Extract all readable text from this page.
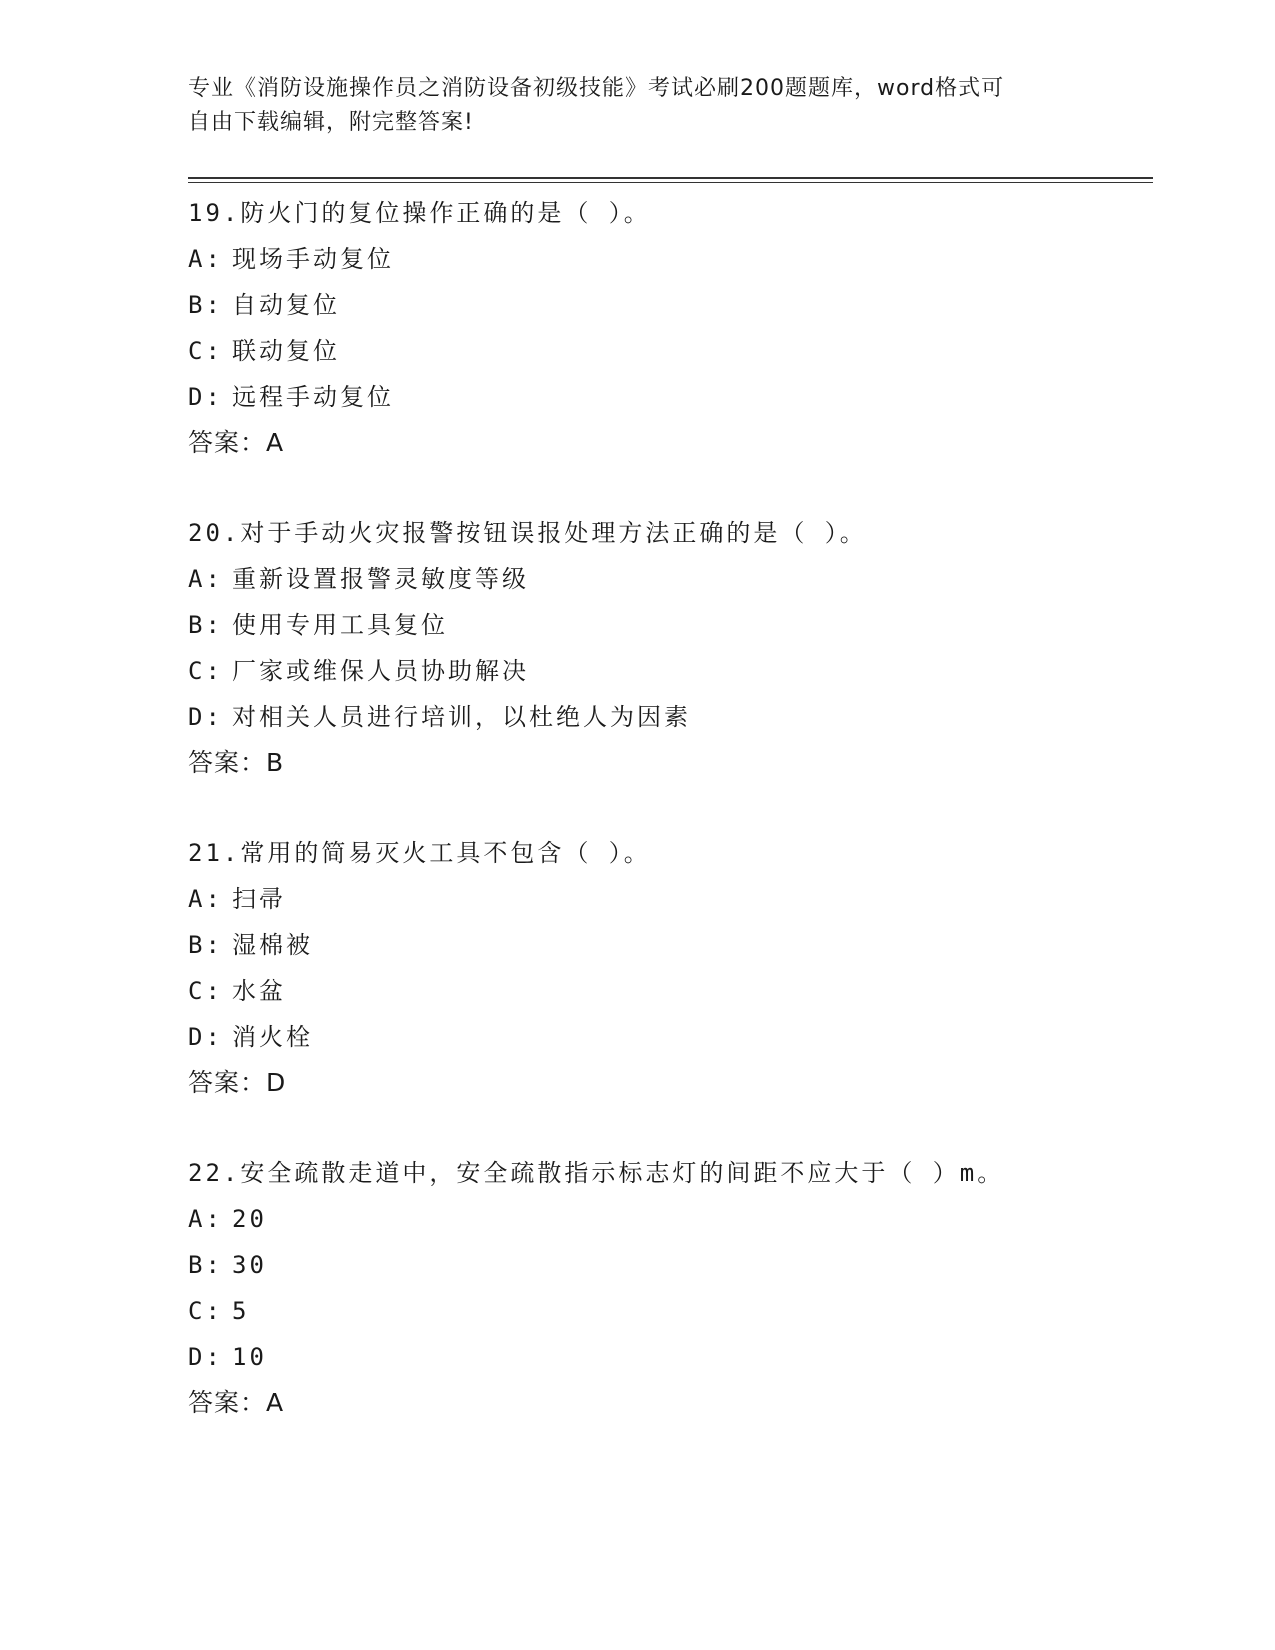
专业《消防设施操作员之消防设备初级技能》考试必刷200题题库，word格式可
自由下载编辑，附完整答案!
19.防火门的复位操作正确的是（ ）。
A: 现场手动复位
B: 自动复位
C: 联动复位
D: 远程手动复位
答案：A
20.对于手动火灾报警按钮误报处理方法正确的是（ ）。
A: 重新设置报警灵敏度等级
B: 使用专用工具复位
C: 厂家或维保人员协助解决
D: 对相关人员进行培训，以杜绝人为因素
答案：B
21.常用的简易灭火工具不包含（ ）。
A: 扫帚
B: 湿棉被
C: 水盆
D: 消火栓
答案：D
22.安全疏散走道中，安全疏散指示标志灯的间距不应大于（ ）m。
A: 20
B: 30
C: 5
D: 10
答案：A
